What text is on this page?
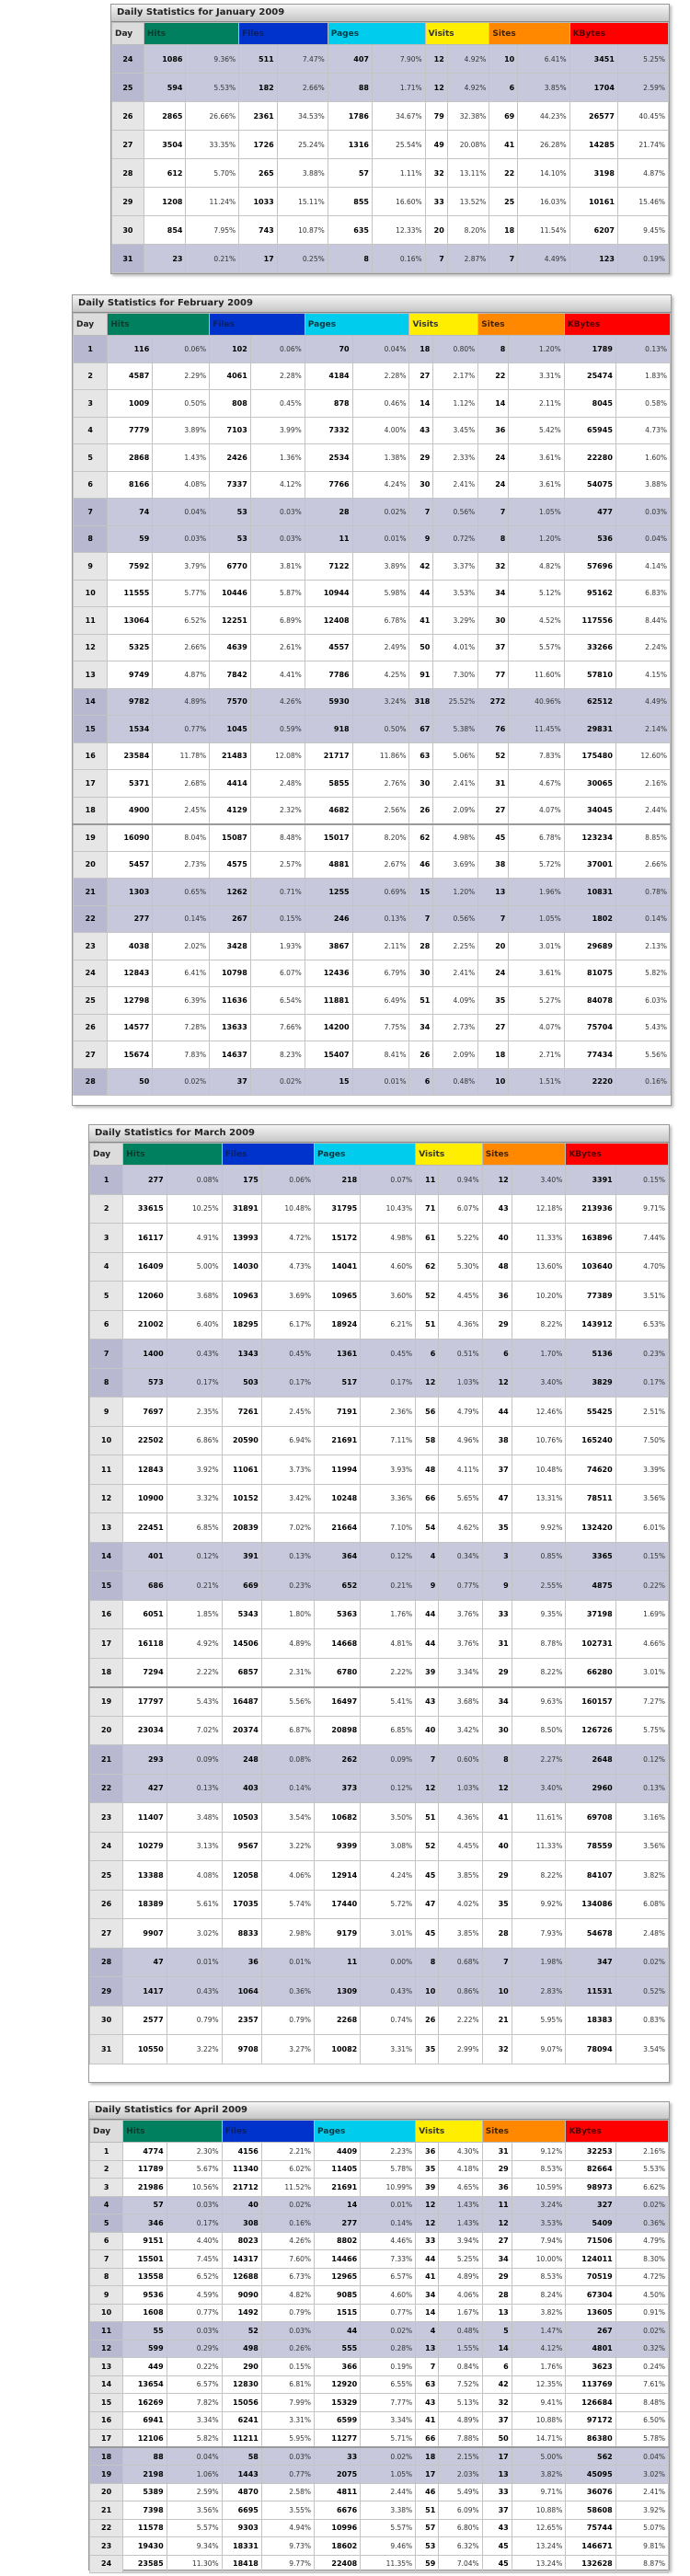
Daily Statistics for January 2009
Day	Hits		Files		Pages		Visits		Sites		KBytes	
24	1086	9.36%	511	7.47%	407	7.90%	12	4.92%	10	6.41%	3451	5.25%
25	594	5.53%	182	2.66%	88	1.71%	12	4.92%	6	3.85%	1704	2.59%
26	2865	26.66%	2361	34.53%	1786	34.67%	79	32.38%	69	44.23%	26577	40.45%
27	3504	33.35%	1726	25.24%	1316	25.54%	49	20.08%	41	26.28%	14285	21.74%
28	612	5.70%	265	3.88%	57	1.11%	32	13.11%	22	14.10%	3198	4.87%
29	1208	11.24%	1033	15.11%	855	16.60%	33	13.52%	25	16.03%	10161	15.46%
30	854	7.95%	743	10.87%	635	12.33%	20	8.20%	18	11.54%	6207	9.45%
31	23	0.21%	17	0.25%	8	0.16%	7	2.87%	7	4.49%	123	0.19%
Daily Statistics for February 2009
Day	Hits		Files		Pages		Visits		Sites		KBytes	
1	116	0.06%	102	0.06%	70	0.04%	18	0.80%	8	1.20%	1789	0.13%
2	4587	2.29%	4061	2.28%	4184	2.28%	27	2.17%	22	3.31%	25474	1.83%
3	1009	0.50%	808	0.45%	878	0.46%	14	1.12%	14	2.11%	8045	0.58%
4	7779	3.89%	7103	3.99%	7332	4.00%	43	3.45%	36	5.42%	65945	4.73%
5	2868	1.43%	2426	1.36%	2534	1.38%	29	2.33%	24	3.61%	22280	1.60%
6	8166	4.08%	7337	4.12%	7766	4.24%	30	2.41%	24	3.61%	54075	3.88%
7	74	0.04%	53	0.03%	28	0.02%	7	0.56%	7	1.05%	477	0.03%
8	59	0.03%	53	0.03%	11	0.01%	9	0.72%	8	1.20%	536	0.04%
9	7592	3.79%	6770	3.81%	7122	3.89%	42	3.37%	32	4.82%	57696	4.14%
10	11555	5.77%	10446	5.87%	10944	5.98%	44	3.53%	34	5.12%	95162	6.83%
11	13064	6.52%	12251	6.89%	12408	6.78%	41	3.29%	30	4.52%	117556	8.44%
12	5325	2.66%	4639	2.61%	4557	2.49%	50	4.01%	37	5.57%	33266	2.24%
13	9749	4.87%	7842	4.41%	7786	4.25%	91	7.30%	77	11.60%	57810	4.15%
14	9782	4.89%	7570	4.26%	5930	3.24%	318	25.52%	272	40.96%	62512	4.49%
15	1534	0.77%	1045	0.59%	918	0.50%	67	5.38%	76	11.45%	29831	2.14%
16	23584	11.78%	21483	12.08%	21717	11.86%	63	5.06%	52	7.83%	175480	12.60%
17	5371	2.68%	4414	2.48%	5855	2.76%	30	2.41%	31	4.67%	30065	2.16%
18	4900	2.45%	4129	2.32%	4682	2.56%	26	2.09%	27	4.07%	34045	2.44%
19	16090	8.04%	15087	8.48%	15017	8.20%	62	4.98%	45	6.78%	123234	8.85%
20	5457	2.73%	4575	2.57%	4881	2.67%	46	3.69%	38	5.72%	37001	2.66%
21	1303	0.65%	1262	0.71%	1255	0.69%	15	1.20%	13	1.96%	10831	0.78%
22	277	0.14%	267	0.15%	246	0.13%	7	0.56%	7	1.05%	1802	0.14%
23	4038	2.02%	3428	1.93%	3867	2.11%	28	2.25%	20	3.01%	29689	2.13%
24	12843	6.41%	10798	6.07%	12436	6.79%	30	2.41%	24	3.61%	81075	5.82%
25	12798	6.39%	11636	6.54%	11881	6.49%	51	4.09%	35	5.27%	84078	6.03%
26	14577	7.28%	13633	7.66%	14200	7.75%	34	2.73%	27	4.07%	75704	5.43%
27	15674	7.83%	14637	8.23%	15407	8.41%	26	2.09%	18	2.71%	77434	5.56%
28	50	0.02%	37	0.02%	15	0.01%	6	0.48%	10	1.51%	2220	0.16%
Daily Statistics for March 2009
Day	Hits		Files		Pages		Visits		Sites		KBytes	
1	277	0.08%	175	0.06%	218	0.07%	11	0.94%	12	3.40%	3391	0.15%
2	33615	10.25%	31891	10.48%	31795	10.43%	71	6.07%	43	12.18%	213936	9.71%
3	16117	4.91%	13993	4.72%	15172	4.98%	61	5.22%	40	11.33%	163896	7.44%
4	16409	5.00%	14030	4.73%	14041	4.60%	62	5.30%	48	13.60%	103640	4.70%
5	12060	3.68%	10963	3.69%	10965	3.60%	52	4.45%	36	10.20%	77389	3.51%
6	21002	6.40%	18295	6.17%	18924	6.21%	51	4.36%	29	8.22%	143912	6.53%
7	1400	0.43%	1343	0.45%	1361	0.45%	6	0.51%	6	1.70%	5136	0.23%
8	573	0.17%	503	0.17%	517	0.17%	12	1.03%	12	3.40%	3829	0.17%
9	7697	2.35%	7261	2.45%	7191	2.36%	56	4.79%	44	12.46%	55425	2.51%
10	22502	6.86%	20590	6.94%	21691	7.11%	58	4.96%	38	10.76%	165240	7.50%
11	12843	3.92%	11061	3.73%	11994	3.93%	48	4.11%	37	10.48%	74620	3.39%
12	10900	3.32%	10152	3.42%	10248	3.36%	66	5.65%	47	13.31%	78511	3.56%
13	22451	6.85%	20839	7.02%	21664	7.10%	54	4.62%	35	9.92%	132420	6.01%
14	401	0.12%	391	0.13%	364	0.12%	4	0.34%	3	0.85%	3365	0.15%
15	686	0.21%	669	0.23%	652	0.21%	9	0.77%	9	2.55%	4875	0.22%
16	6051	1.85%	5343	1.80%	5363	1.76%	44	3.76%	33	9.35%	37198	1.69%
17	16118	4.92%	14506	4.89%	14668	4.81%	44	3.76%	31	8.78%	102731	4.66%
18	7294	2.22%	6857	2.31%	6780	2.22%	39	3.34%	29	8.22%	66280	3.01%
19	17797	5.43%	16487	5.56%	16497	5.41%	43	3.68%	34	9.63%	160157	7.27%
20	23034	7.02%	20374	6.87%	20898	6.85%	40	3.42%	30	8.50%	126726	5.75%
21	293	0.09%	248	0.08%	262	0.09%	7	0.60%	8	2.27%	2648	0.12%
22	427	0.13%	403	0.14%	373	0.12%	12	1.03%	12	3.40%	2960	0.13%
23	11407	3.48%	10503	3.54%	10682	3.50%	51	4.36%	41	11.61%	69708	3.16%
24	10279	3.13%	9567	3.22%	9399	3.08%	52	4.45%	40	11.33%	78559	3.56%
25	13388	4.08%	12058	4.06%	12914	4.24%	45	3.85%	29	8.22%	84107	3.82%
26	18389	5.61%	17035	5.74%	17440	5.72%	47	4.02%	35	9.92%	134086	6.08%
27	9907	3.02%	8833	2.98%	9179	3.01%	45	3.85%	28	7.93%	54678	2.48%
28	47	0.01%	36	0.01%	11	0.00%	8	0.68%	7	1.98%	347	0.02%
29	1417	0.43%	1064	0.36%	1309	0.43%	10	0.86%	10	2.83%	11531	0.52%
30	2577	0.79%	2357	0.79%	2268	0.74%	26	2.22%	21	5.95%	18383	0.83%
31	10550	3.22%	9708	3.27%	10082	3.31%	35	2.99%	32	9.07%	78094	3.54%
Daily Statistics for April 2009
Day	Hits		Files		Pages		Visits		Sites		KBytes	
1	4774	2.30%	4156	2.21%	4409	2.23%	36	4.30%	31	9.12%	32253	2.16%
2	11789	5.67%	11340	6.02%	11405	5.78%	35	4.18%	29	8.53%	82664	5.53%
3	21986	10.56%	21712	11.52%	21691	10.99%	39	4.65%	36	10.59%	98973	6.62%
4	57	0.03%	40	0.02%	14	0.01%	12	1.43%	11	3.24%	327	0.02%
5	346	0.17%	308	0.16%	277	0.14%	12	1.43%	12	3.53%	5409	0.36%
6	9151	4.40%	8023	4.26%	8802	4.46%	33	3.94%	27	7.94%	71506	4.79%
7	15501	7.45%	14317	7.60%	14466	7.33%	44	5.25%	34	10.00%	124011	8.30%
8	13558	6.52%	12688	6.73%	12965	6.57%	41	4.89%	29	8.53%	70519	4.72%
9	9536	4.59%	9090	4.82%	9085	4.60%	34	4.06%	28	8.24%	67304	4.50%
10	1608	0.77%	1492	0.79%	1515	0.77%	14	1.67%	13	3.82%	13605	0.91%
11	55	0.03%	52	0.03%	44	0.02%	4	0.48%	5	1.47%	267	0.02%
12	599	0.29%	498	0.26%	555	0.28%	13	1.55%	14	4.12%	4801	0.32%
13	449	0.22%	290	0.15%	366	0.19%	7	0.84%	6	1.76%	3623	0.24%
14	13654	6.57%	12830	6.81%	12920	6.55%	63	7.52%	42	12.35%	113769	7.61%
15	16269	7.82%	15056	7.99%	15329	7.77%	43	5.13%	32	9.41%	126684	8.48%
16	6941	3.34%	6241	3.31%	6599	3.34%	41	4.89%	37	10.88%	97172	6.50%
17	12106	5.82%	11211	5.95%	11277	5.71%	66	7.88%	50	14.71%	86380	5.78%
18	88	0.04%	58	0.03%	33	0.02%	18	2.15%	17	5.00%	562	0.04%
19	2198	1.06%	1443	0.77%	2075	1.05%	17	2.03%	13	3.82%	45095	3.02%
20	5389	2.59%	4870	2.58%	4811	2.44%	46	5.49%	33	9.71%	36076	2.41%
21	7398	3.56%	6695	3.55%	6676	3.38%	51	6.09%	37	10.88%	58608	3.92%
22	11578	5.57%	9303	4.94%	10996	5.57%	57	6.80%	43	12.65%	75744	5.07%
23	19430	9.34%	18331	9.73%	18602	9.46%	53	6.32%	45	13.24%	146671	9.81%
24	23585	11.30%	18418	9.77%	22408	11.35%	59	7.04%	45	13.24%	132628	8.87%
